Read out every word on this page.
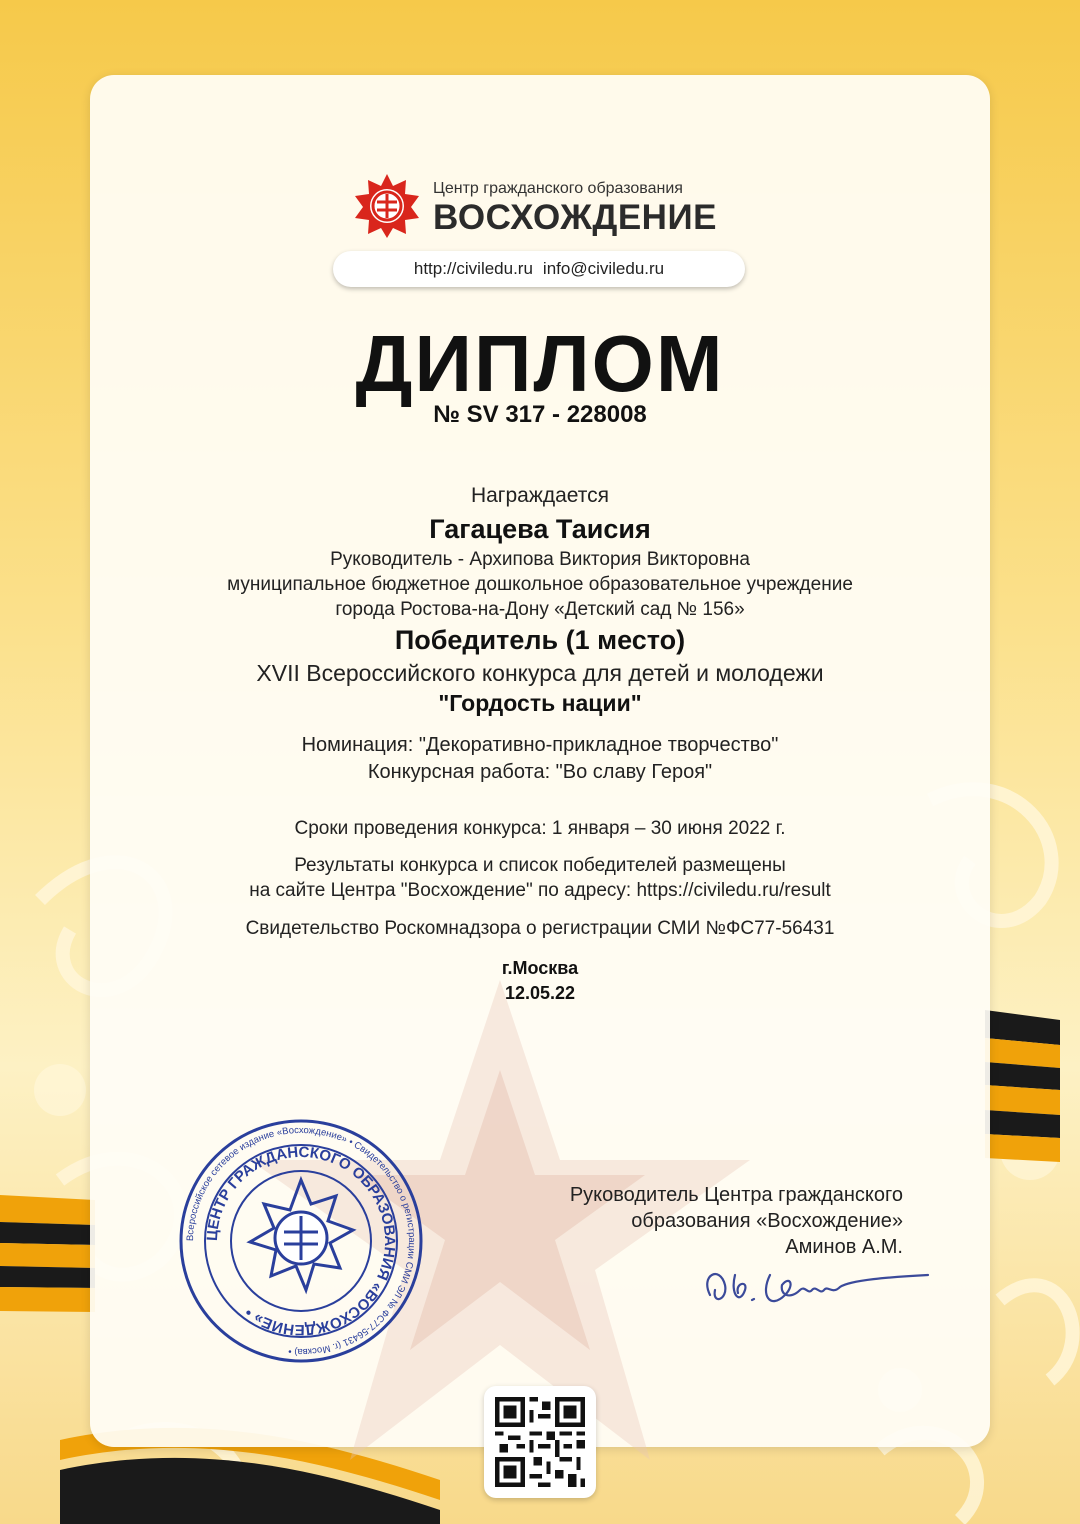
Центр гражданского образования
ВОСХОЖДЕНИЕ
http://civiledu.ru info@civiledu.ru
ДИПЛОМ
№ SV 317 - 228008
Награждается
Гагацева Таисия
Руководитель - Архипова Виктория Викторовна
муниципальное бюджетное дошкольное образовательное учреждение
города Ростова-на-Дону «Детский сад № 156»
Победитель (1 место)
XVII Всероссийского конкурса для детей и молодежи
"Гордость нации"
Номинация: "Декоративно-прикладное творчество"
Конкурсная работа: "Во славу Героя"
Сроки проведения конкурса: 1 января – 30 июня 2022 г.
Результаты конкурса и список победителей размещены
на сайте Центра "Восхождение" по адресу: https://civiledu.ru/result
Свидетельство Роскомнадзора о регистрации СМИ №ФС77-56431
г.Москва
12.05.22
Всероссийское сетевое издание «Восхождение» • Свидетельство о регистрации СМИ ЭЛ № ФС77-56431 (г. Москва) •
ЦЕНТР ГРАЖДАНСКОГО ОБРАЗОВАНИЯ «ВОСХОЖДЕНИЕ» •
Руководитель Центра гражданского
образования «Восхождение»
Аминов А.М.
